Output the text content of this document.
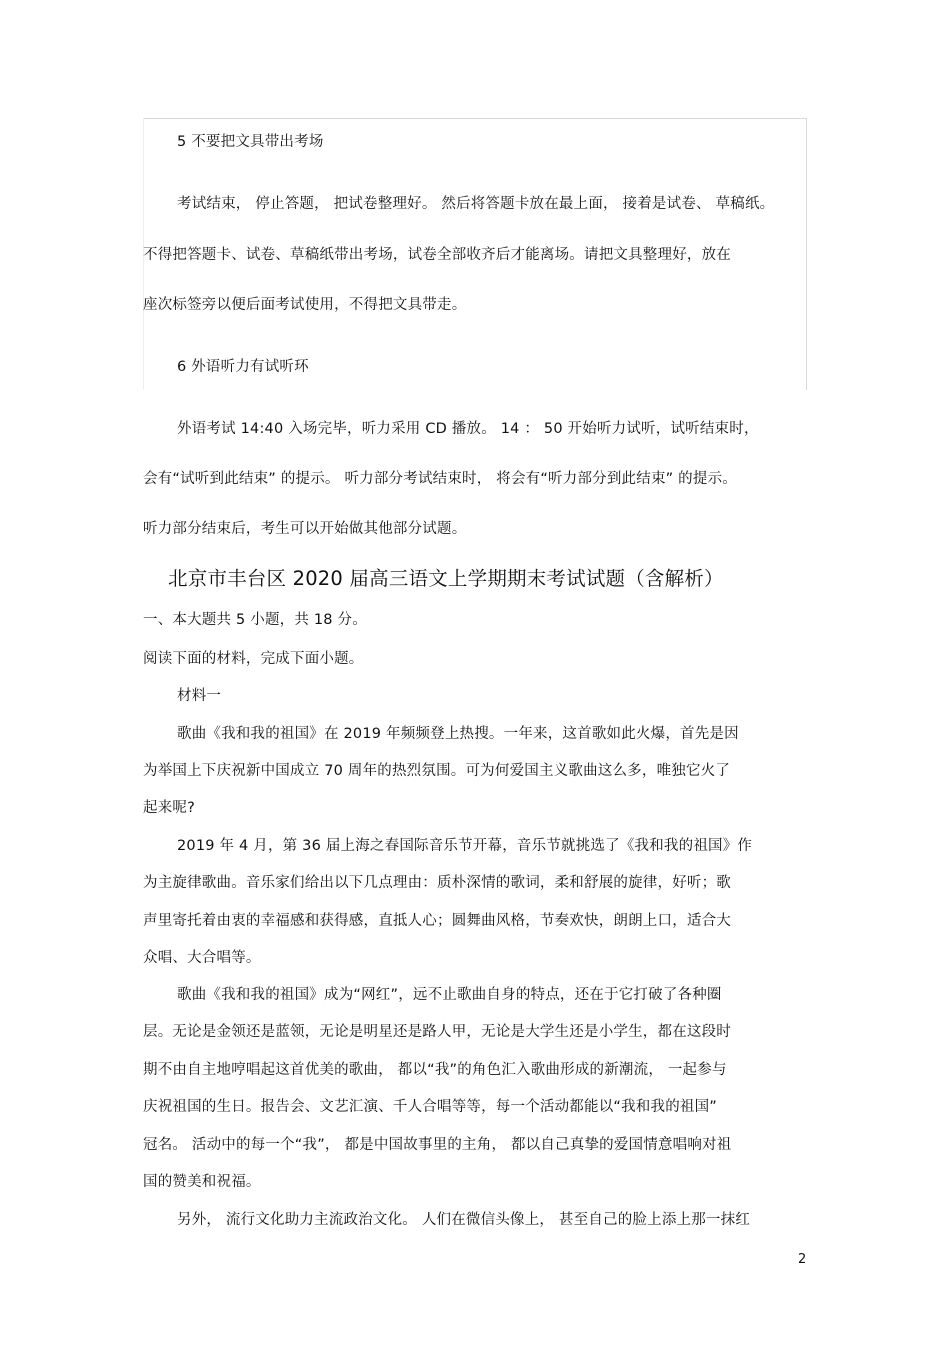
5 不要把文具带出考场
考试结束， 停止答题， 把试卷整理好。 然后将答题卡放在最上面， 接着是试卷、 草稿纸。
不得把答题卡、试卷、草稿纸带出考场，试卷全部收齐后才能离场。请把文具整理好，放在
座次标签旁以便后面考试使用，不得把文具带走。
6 外语听力有试听环
外语考试 14:40 入场完毕，听力采用 CD 播放。 14 ： 50 开始听力试听，试听结束时，
会有“试听到此结束” 的提示。 听力部分考试结束时， 将会有“听力部分到此结束” 的提示。
听力部分结束后，考生可以开始做其他部分试题。
北京市丰台区 2020 届高三语文上学期期末考试试题（含解析）
一、本大题共 5 小题，共 18 分。
阅读下面的材料，完成下面小题。
材料一
歌曲《我和我的祖国》在 2019 年频频登上热搜。一年来，这首歌如此火爆，首先是因
为举国上下庆祝新中国成立 70 周年的热烈氛围。可为何爱国主义歌曲这么多，唯独它火了
起来呢?
2019 年 4 月，第 36 届上海之春国际音乐节开幕，音乐节就挑选了《我和我的祖国》作
为主旋律歌曲。音乐家们给出以下几点理由：质朴深情的歌词，柔和舒展的旋律，好听；歌
声里寄托着由衷的幸福感和获得感，直抵人心；圆舞曲风格，节奏欢快，朗朗上口，适合大
众唱、大合唱等。
歌曲《我和我的祖国》成为“网红”，远不止歌曲自身的特点，还在于它打破了各种圈
层。无论是金领还是蓝领，无论是明星还是路人甲，无论是大学生还是小学生，都在这段时
期不由自主地哼唱起这首优美的歌曲， 都以“我”的角色汇入歌曲形成的新潮流， 一起参与
庆祝祖国的生日。报告会、文艺汇演、千人合唱等等，每一个活动都能以“我和我的祖国”
冠名。 活动中的每一个“我”， 都是中国故事里的主角， 都以自己真挚的爱国情意唱响对祖
国的赞美和祝福。
另外， 流行文化助力主流政治文化。 人们在微信头像上， 甚至自己的脸上添上那一抹红
2
